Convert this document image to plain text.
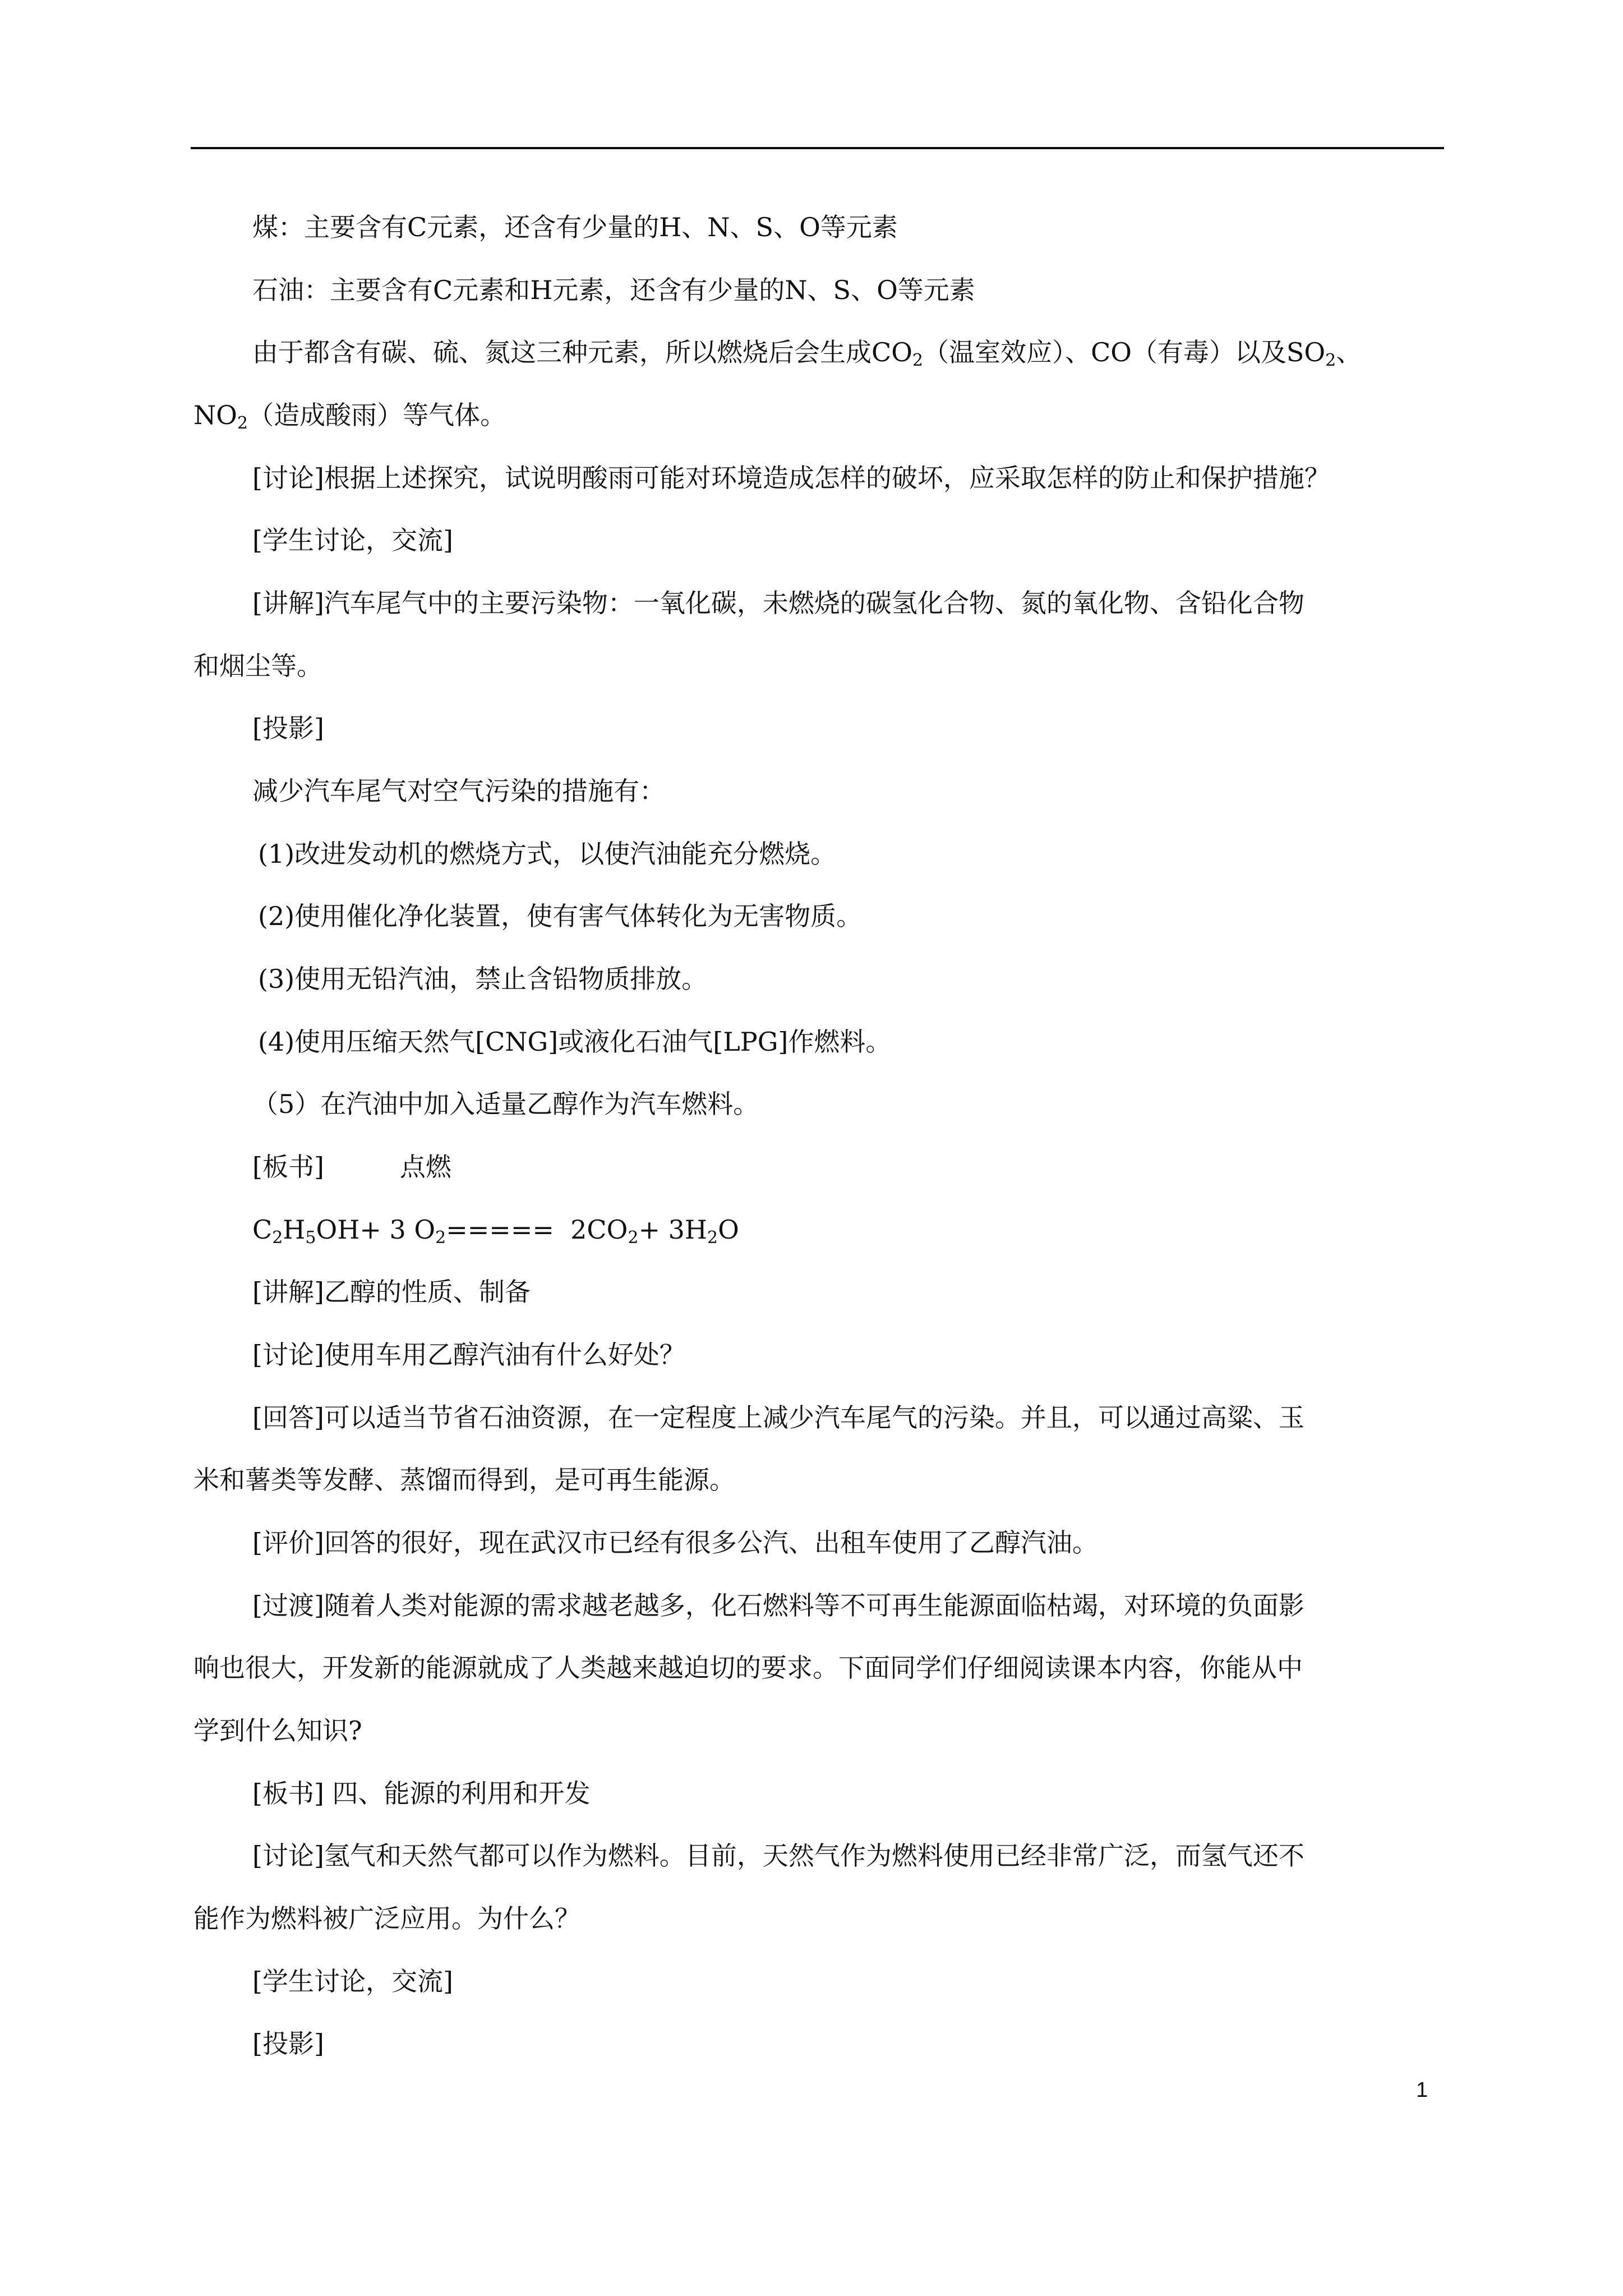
煤：主要含有C元素，还含有少量的H、N、S、O等元素
石油：主要含有C元素和H元素，还含有少量的N、S、O等元素
由于都含有碳、硫、氮这三种元素，所以燃烧后会生成$CO_2$（温室效应）、CO（有毒）以及$SO_2$、
$NO_2$（造成酸雨）等气体。
[讨论]根据上述探究，试说明酸雨可能对环境造成怎样的破坏，应采取怎样的防止和保护措施？
[学生讨论，交流]
[讲解]汽车尾气中的主要污染物：一氧化碳，未燃烧的碳氢化合物、氮的氧化物、含铅化合物
和烟尘等。
[投影]
减少汽车尾气对空气污染的措施有：
(1)改进发动机的燃烧方式，以使汽油能充分燃烧。
(2)使用催化净化装置，使有害气体转化为无害物质。
(3)使用无铅汽油，禁止含铅物质排放。
(4)使用压缩天然气[CNG]或液化石油气[LPG]作燃料。
（5）在汽油中加入适量乙醇作为汽车燃料。
[板书]	点燃
$C_2H_5OH+ 3$ $O_2===== 2CO_2+ 3H_2O$
[讲解]乙醇的性质、制备
[讨论]使用车用乙醇汽油有什么好处？
[回答]可以适当节省石油资源，在一定程度上减少汽车尾气的污染。并且，可以通过高粱、玉
米和薯类等发酵、蒸馏而得到，是可再生能源。
[评价]回答的很好，现在武汉市已经有很多公汽、出租车使用了乙醇汽油。
[过渡]随着人类对能源的需求越老越多，化石燃料等不可再生能源面临枯竭，对环境的负面影
响也很大，开发新的能源就成了人类越来越迫切的要求。下面同学们仔细阅读课本内容，你能从中
学到什么知识?
[板书] 四、能源的利用和开发
[讨论]氢气和天然气都可以作为燃料。目前，天然气作为燃料使用已经非常广泛，而氢气还不
能作为燃料被广泛应用。为什么？
[学生讨论，交流]
[投影]
1
